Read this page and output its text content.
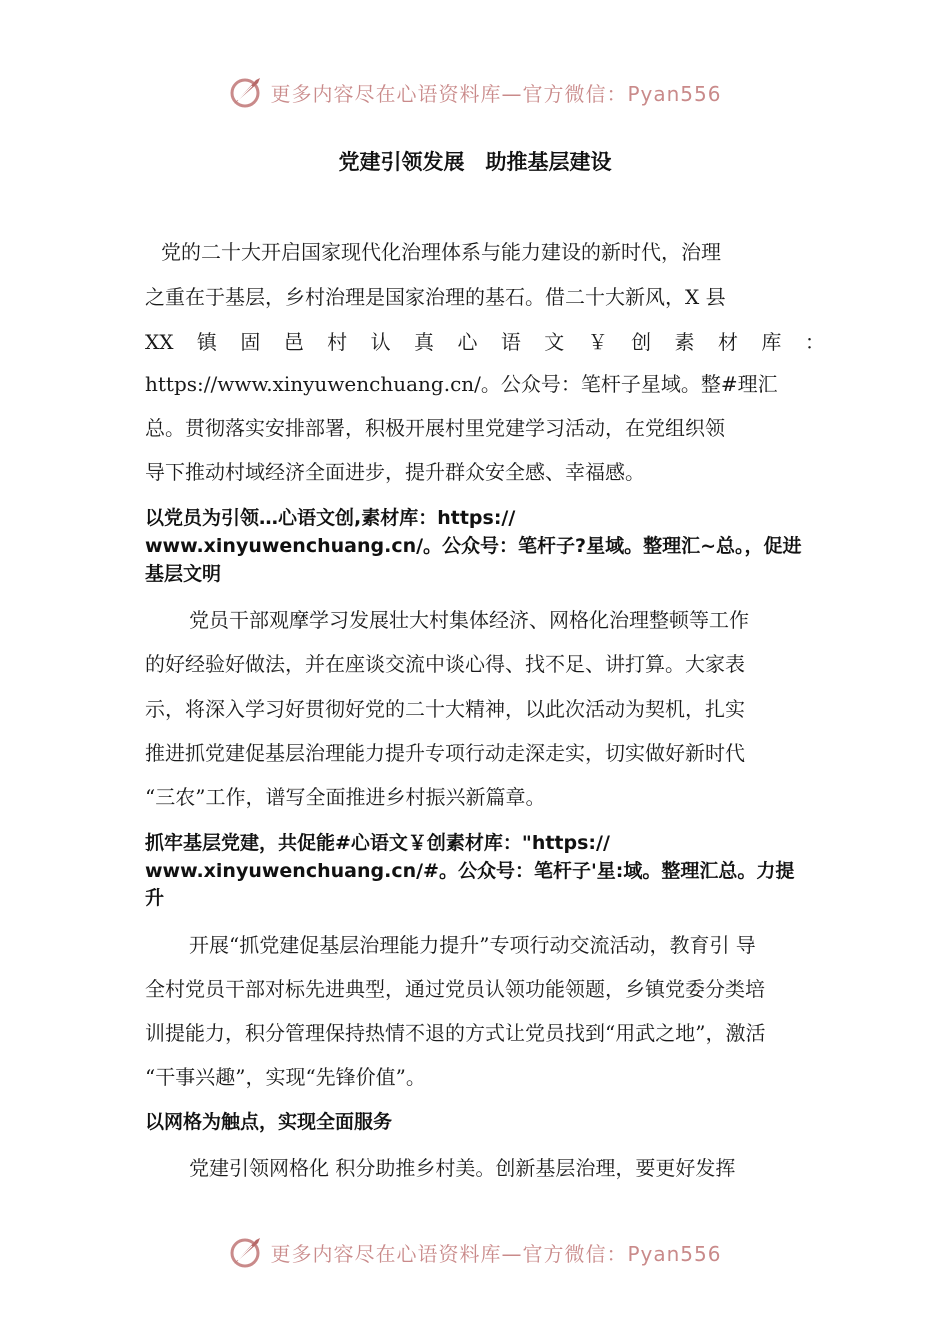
更多内容尽在心语资料库—官方微信：Pyan556
党建引领发展　助推基层建设
党的二十大开启国家现代化治理体系与能力建设的新时代，治理
之重在于基层，乡村治理是国家治理的基石。借二十大新风，X 县
XX 镇 固 邑 村 认 真 心 语 文 ￥ 创 素 材 库 ：
https://www.xinyuwenchuang.cn/。公众号：笔杆子星域。整#理汇
总。贯彻落实安排部署，积极开展村里党建学习活动，在党组织领
导下推动村域经济全面进步，提升群众安全感、幸福感。
以党员为引领…心语文创,素材库：https://
www.xinyuwenchuang.cn/。公众号：笔杆子?星域。整理汇~总。，促进
基层文明
党员干部观摩学习发展壮大村集体经济、网格化治理整顿等工作
的好经验好做法，并在座谈交流中谈心得、找不足、讲打算。大家表
示，将深入学习好贯彻好党的二十大精神，以此次活动为契机，扎实
推进抓党建促基层治理能力提升专项行动走深走实，切实做好新时代
“三农”工作，谱写全面推进乡村振兴新篇章。
抓牢基层党建，共促能#心语文￥创素材库："https://
www.xinyuwenchuang.cn/#。公众号：笔杆子'星:域。整理汇总。力提
升
开展“抓党建促基层治理能力提升”专项行动交流活动，教育引 导
全村党员干部对标先进典型，通过党员认领功能领题，乡镇党委分类培
训提能力，积分管理保持热情不退的方式让党员找到“用武之地”，激活
“干事兴趣”，实现“先锋价值”。
以网格为触点，实现全面服务
党建引领网格化 积分助推乡村美。创新基层治理，要更好发挥
更多内容尽在心语资料库—官方微信：Pyan556
